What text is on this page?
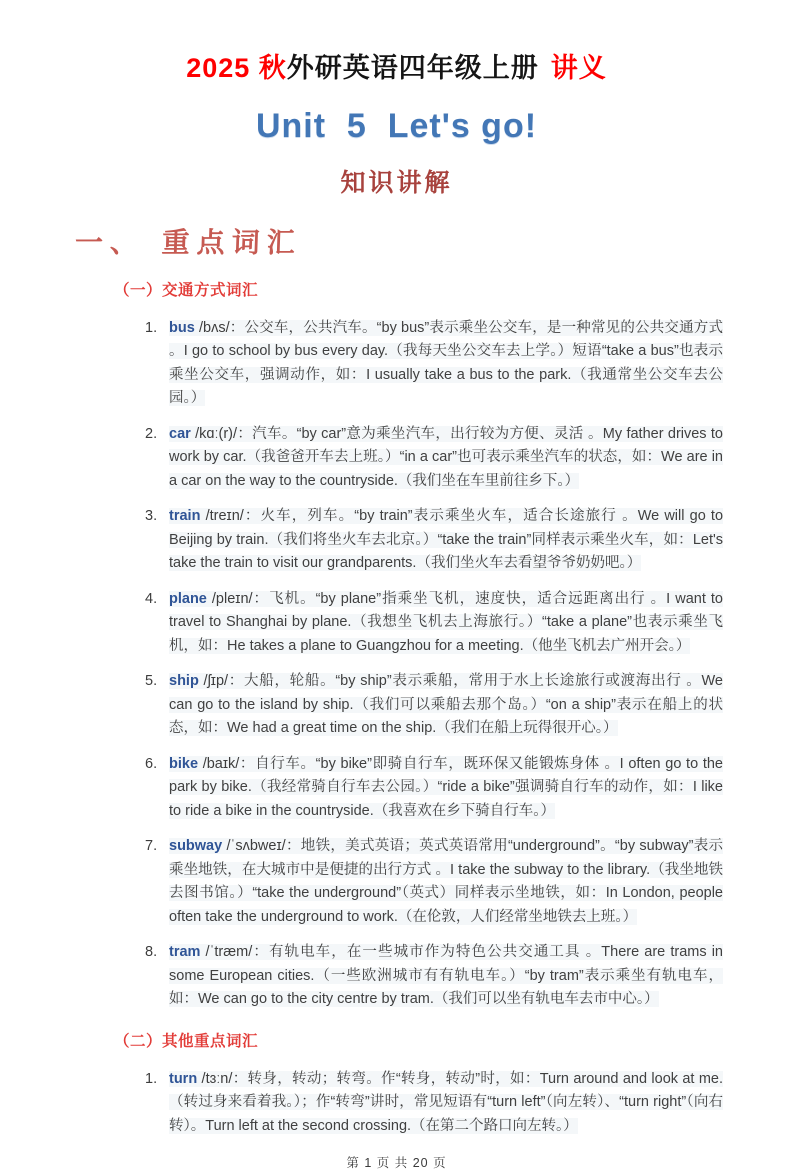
2025 秋外研英语四年级上册 讲义
Unit  5  Let's go!
知识讲解
一、 重点词汇
（一）交通方式词汇
1. bus /bʌs/：公交车，公共汽车。“by bus”表示乘坐公交车，是一种常见的公共交通方式 。I go to school by bus every day.（我每天坐公交车去上学。）短语“take a bus”也表示乘坐公交车，强调动作，如：I usually take a bus to the park.（我通常坐公交车去公园。）
2. car /kɑː(r)/：汽车。“by car”意为乘坐汽车，出行较为方便、灵活 。My father drives to work by car.（我爸爸开车去上班。）“in a car”也可表示乘坐汽车的状态，如：We are in a car on the way to the countryside.（我们坐在车里前往乡下。）
3. train /treɪn/：火车，列车。“by train”表示乘坐火车，适合长途旅行 。We will go to Beijing by train.（我们将坐火车去北京。）“take the train”同样表示乘坐火车，如：Let's take the train to visit our grandparents.（我们坐火车去看望爷爷奶奶吧。）
4. plane /pleɪn/：飞机。“by plane”指乘坐飞机，速度快，适合远距离出行 。I want to travel to Shanghai by plane.（我想坐飞机去上海旅行。）“take a plane”也表示乘坐飞机，如：He takes a plane to Guangzhou for a meeting.（他坐飞机去广州开会。）
5. ship /ʃɪp/：大船，轮船。“by ship”表示乘船，常用于水上长途旅行或渡海出行 。We can go to the island by ship.（我们可以乘船去那个岛。）“on a ship”表示在船上的状态，如：We had a great time on the ship.（我们在船上玩得很开心。）
6. bike /baɪk/：自行车。“by bike”即骑自行车，既环保又能锻炼身体 。I often go to the park by bike.（我经常骑自行车去公园。）“ride a bike”强调骑自行车的动作，如：I like to ride a bike in the countryside.（我喜欢在乡下骑自行车。）
7. subway /ˈsʌbweɪ/：地铁，美式英语；英式英语常用“underground”。“by subway”表示乘坐地铁，在大城市中是便捷的出行方式 。I take the subway to the library.（我坐地铁去图书馆。）“take the underground”（英式）同样表示坐地铁，如：In London, people often take the underground to work.（在伦敦，人们经常坐地铁去上班。）
8. tram /ˈtræm/：有轨电车，在一些城市作为特色公共交通工具 。There are trams in some European cities.（一些欧洲城市有有轨电车。）“by tram”表示乘坐有轨电车，如：We can go to the city centre by tram.（我们可以坐有轨电车去市中心。）
（二）其他重点词汇
1. turn /tɜːn/：转身，转动；转弯。作“转身，转动”时，如：Turn around and look at me.（转过身来看着我。）；作“转弯”讲时，常见短语有“turn left”（向左转）、“turn right”（向右转）。Turn left at the second crossing.（在第二个路口向左转。）
第 1 页 共 20 页
